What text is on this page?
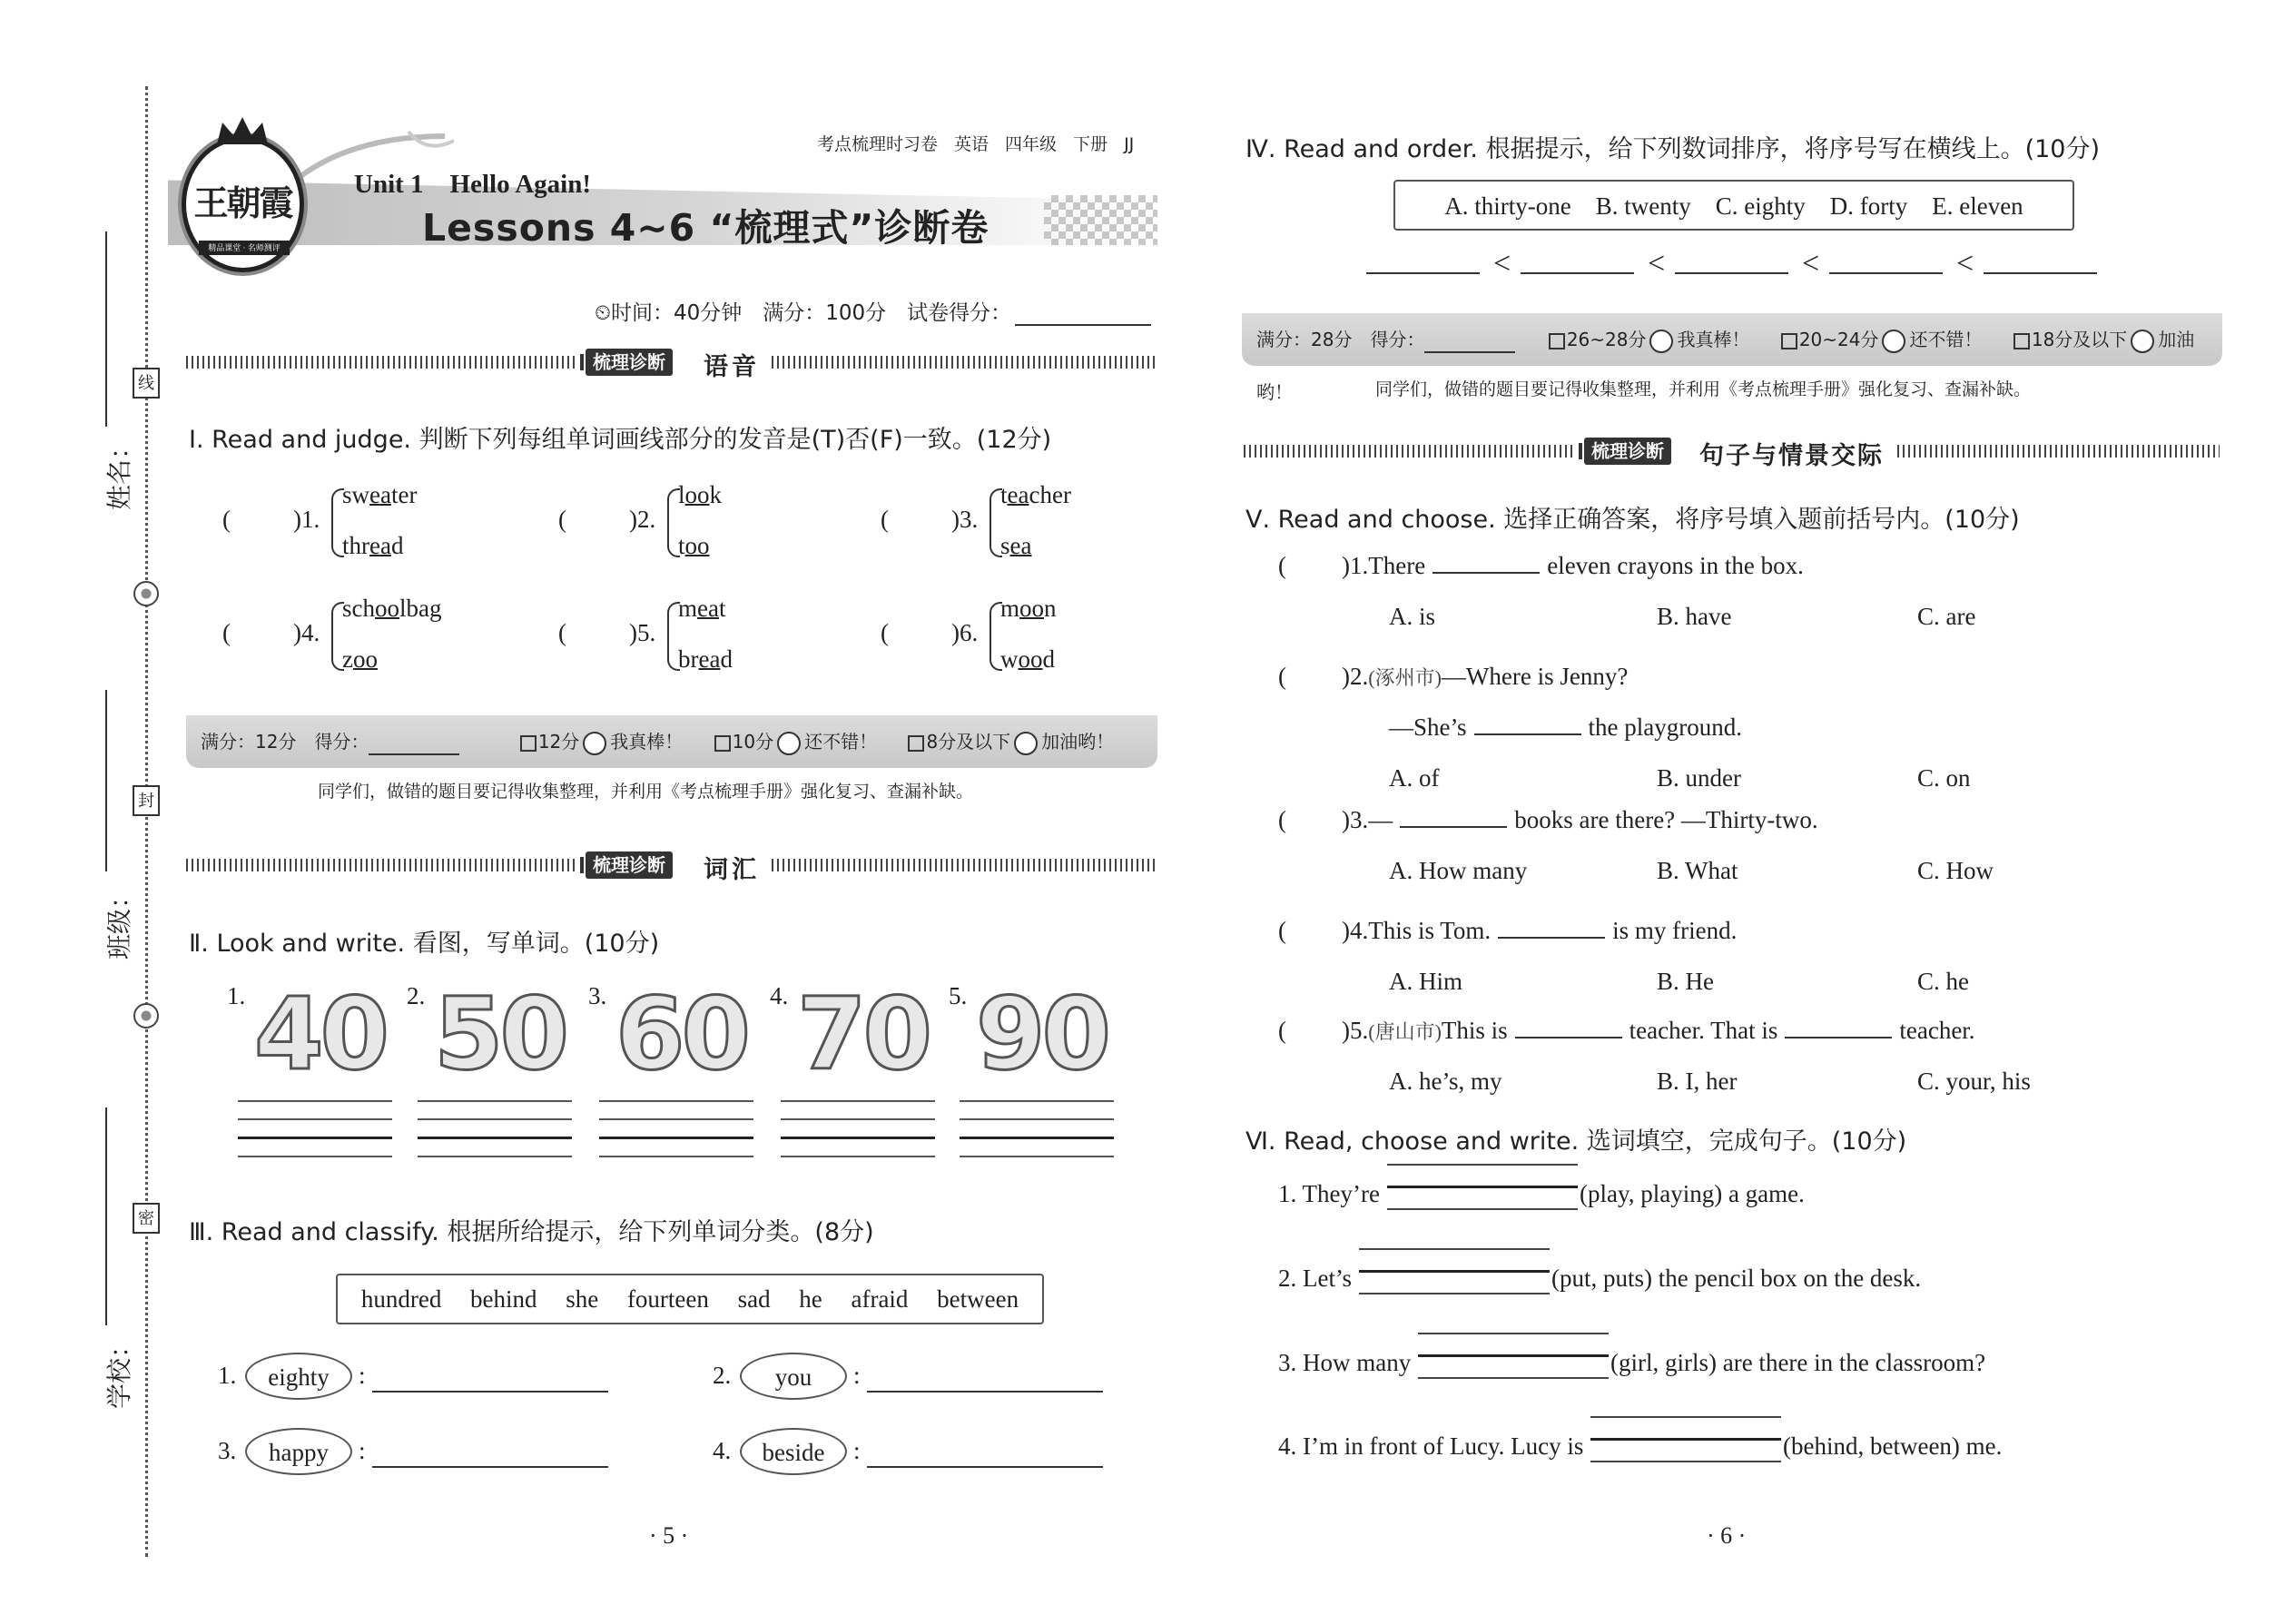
线
封
密
姓名：
班级：
学校：
王朝霞
精品课堂 · 名师测评
考点梳理时习卷 英语 四年级 下册 JJ
Unit 1　Hello Again!
Lessons 4~6 “梳理式”诊断卷
⏲时间：40分钟　满分：100分　试卷得分：
梳理诊断 语音
Ⅰ. Read and judge. 判断下列每组单词画线部分的发音是(T)否(F)一致。(12分)
(	)1.
sweater
thread
(	)2.
look
too
(	)3.
teacher
sea
(	)4.
schoolbag
zoo
(	)5.
meat
bread
(	)6.
moon
wood
满分：12分　 得分：	12分 我真棒！	10分 还不错！	8分及以下 加油哟！
同学们，做错的题目要记得收集整理，并利用《考点梳理手册》强化复习、查漏补缺。
梳理诊断 词汇
Ⅱ. Look and write. 看图，写单词。(10分)
1. 40 2. 50 3. 60 4. 70 5. 90
Ⅲ. Read and classify. 根据所给提示，给下列单词分类。(8分)
hundred behind she fourteen sad he afraid between
1.	eighty	:	2.	you	:
3.	happy	:	4.	beside	:
· 5 ·
Ⅳ. Read and order. 根据提示，给下列数词排序，将序号写在横线上。(10分)
A. thirty-one　B. twenty　C. eighty　D. forty　E. eleven
<	<	<	<
满分：28分　 得分：	26~28分 我真棒！	20~24分 还不错！	18分及以下 加油哟！	同学们，做错的题目要记得收集整理，并利用《考点梳理手册》强化复习、查漏补缺。
梳理诊断 句子与情景交际
Ⅴ. Read and choose. 选择正确答案，将序号填入题前括号内。(10分)
( )1.There	eleven crayons in the box.
A. is	B. have	C. are
( )2.(涿州市)—Where is Jenny?
—She’s	the playground.
A. of	B. under	C. on
( )3.—	books are there? —Thirty-two.
A. How many	B. What	C. How
( )4.This is Tom.	is my friend.
A. Him	B. He	C. he
( )5.(唐山市)This is	teacher. That is	teacher.
A. he’s, my	B. I, her	C. your, his
Ⅵ. Read, choose and write. 选词填空，完成句子。(10分)
1. They’re
2. Let’s
3. How many
4. I’m in front of Lucy. Lucy is
(play, playing) a game.
(put, puts) the pencil box on the desk.
(girl, girls) are there in the classroom?
(behind, between) me.
· 6 ·
